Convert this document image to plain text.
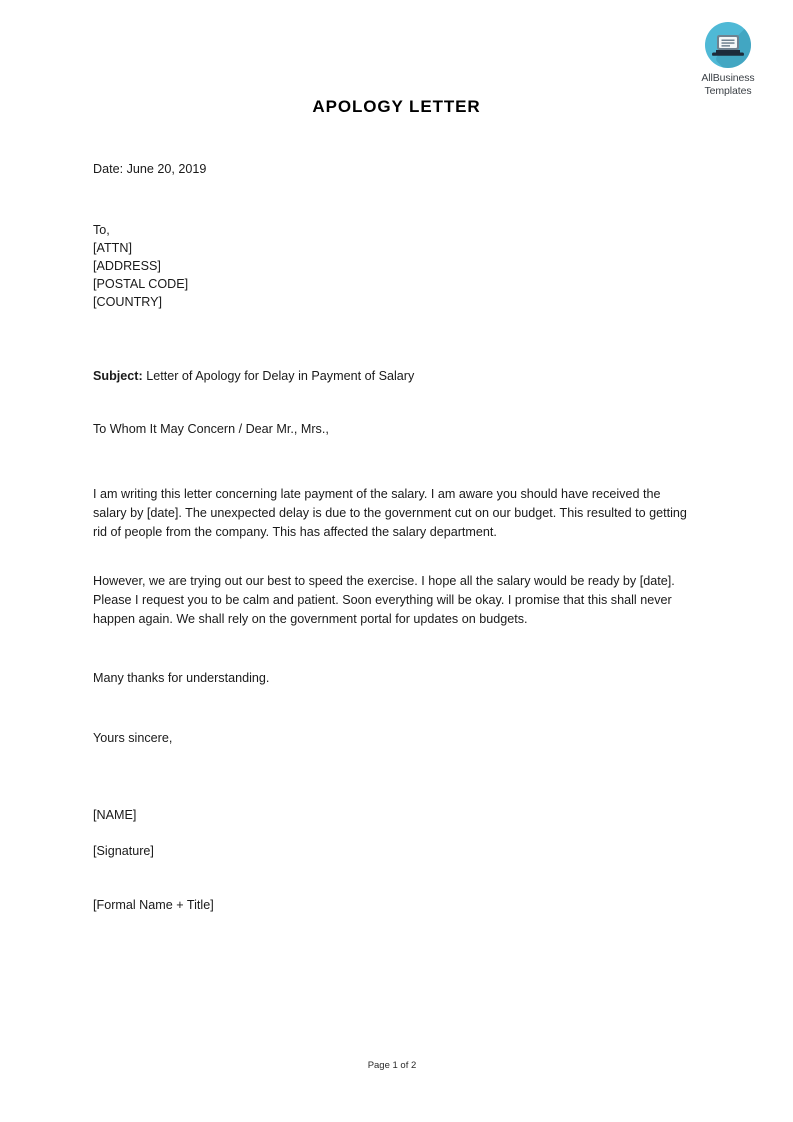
AllBusiness
Templates
APOLOGY LETTER
Date: June 20, 2019
To,
[ATTN]
[ADDRESS]
[POSTAL CODE]
[COUNTRY]
Subject: Letter of Apology for Delay in Payment of Salary
To Whom It May Concern / Dear Mr., Mrs.,
I am writing this letter concerning late payment of the salary. I am aware you should have received the salary by [date]. The unexpected delay is due to the government cut on our budget. This resulted to getting rid of people from the company. This has affected the salary department.
However, we are trying out our best to speed the exercise. I hope all the salary would be ready by [date]. Please I request you to be calm and patient. Soon everything will be okay. I promise that this shall never happen again. We shall rely on the government portal for updates on budgets.
Many thanks for understanding.
Yours sincere,
[NAME]
[Signature]
[Formal Name + Title]
Page 1 of 2
